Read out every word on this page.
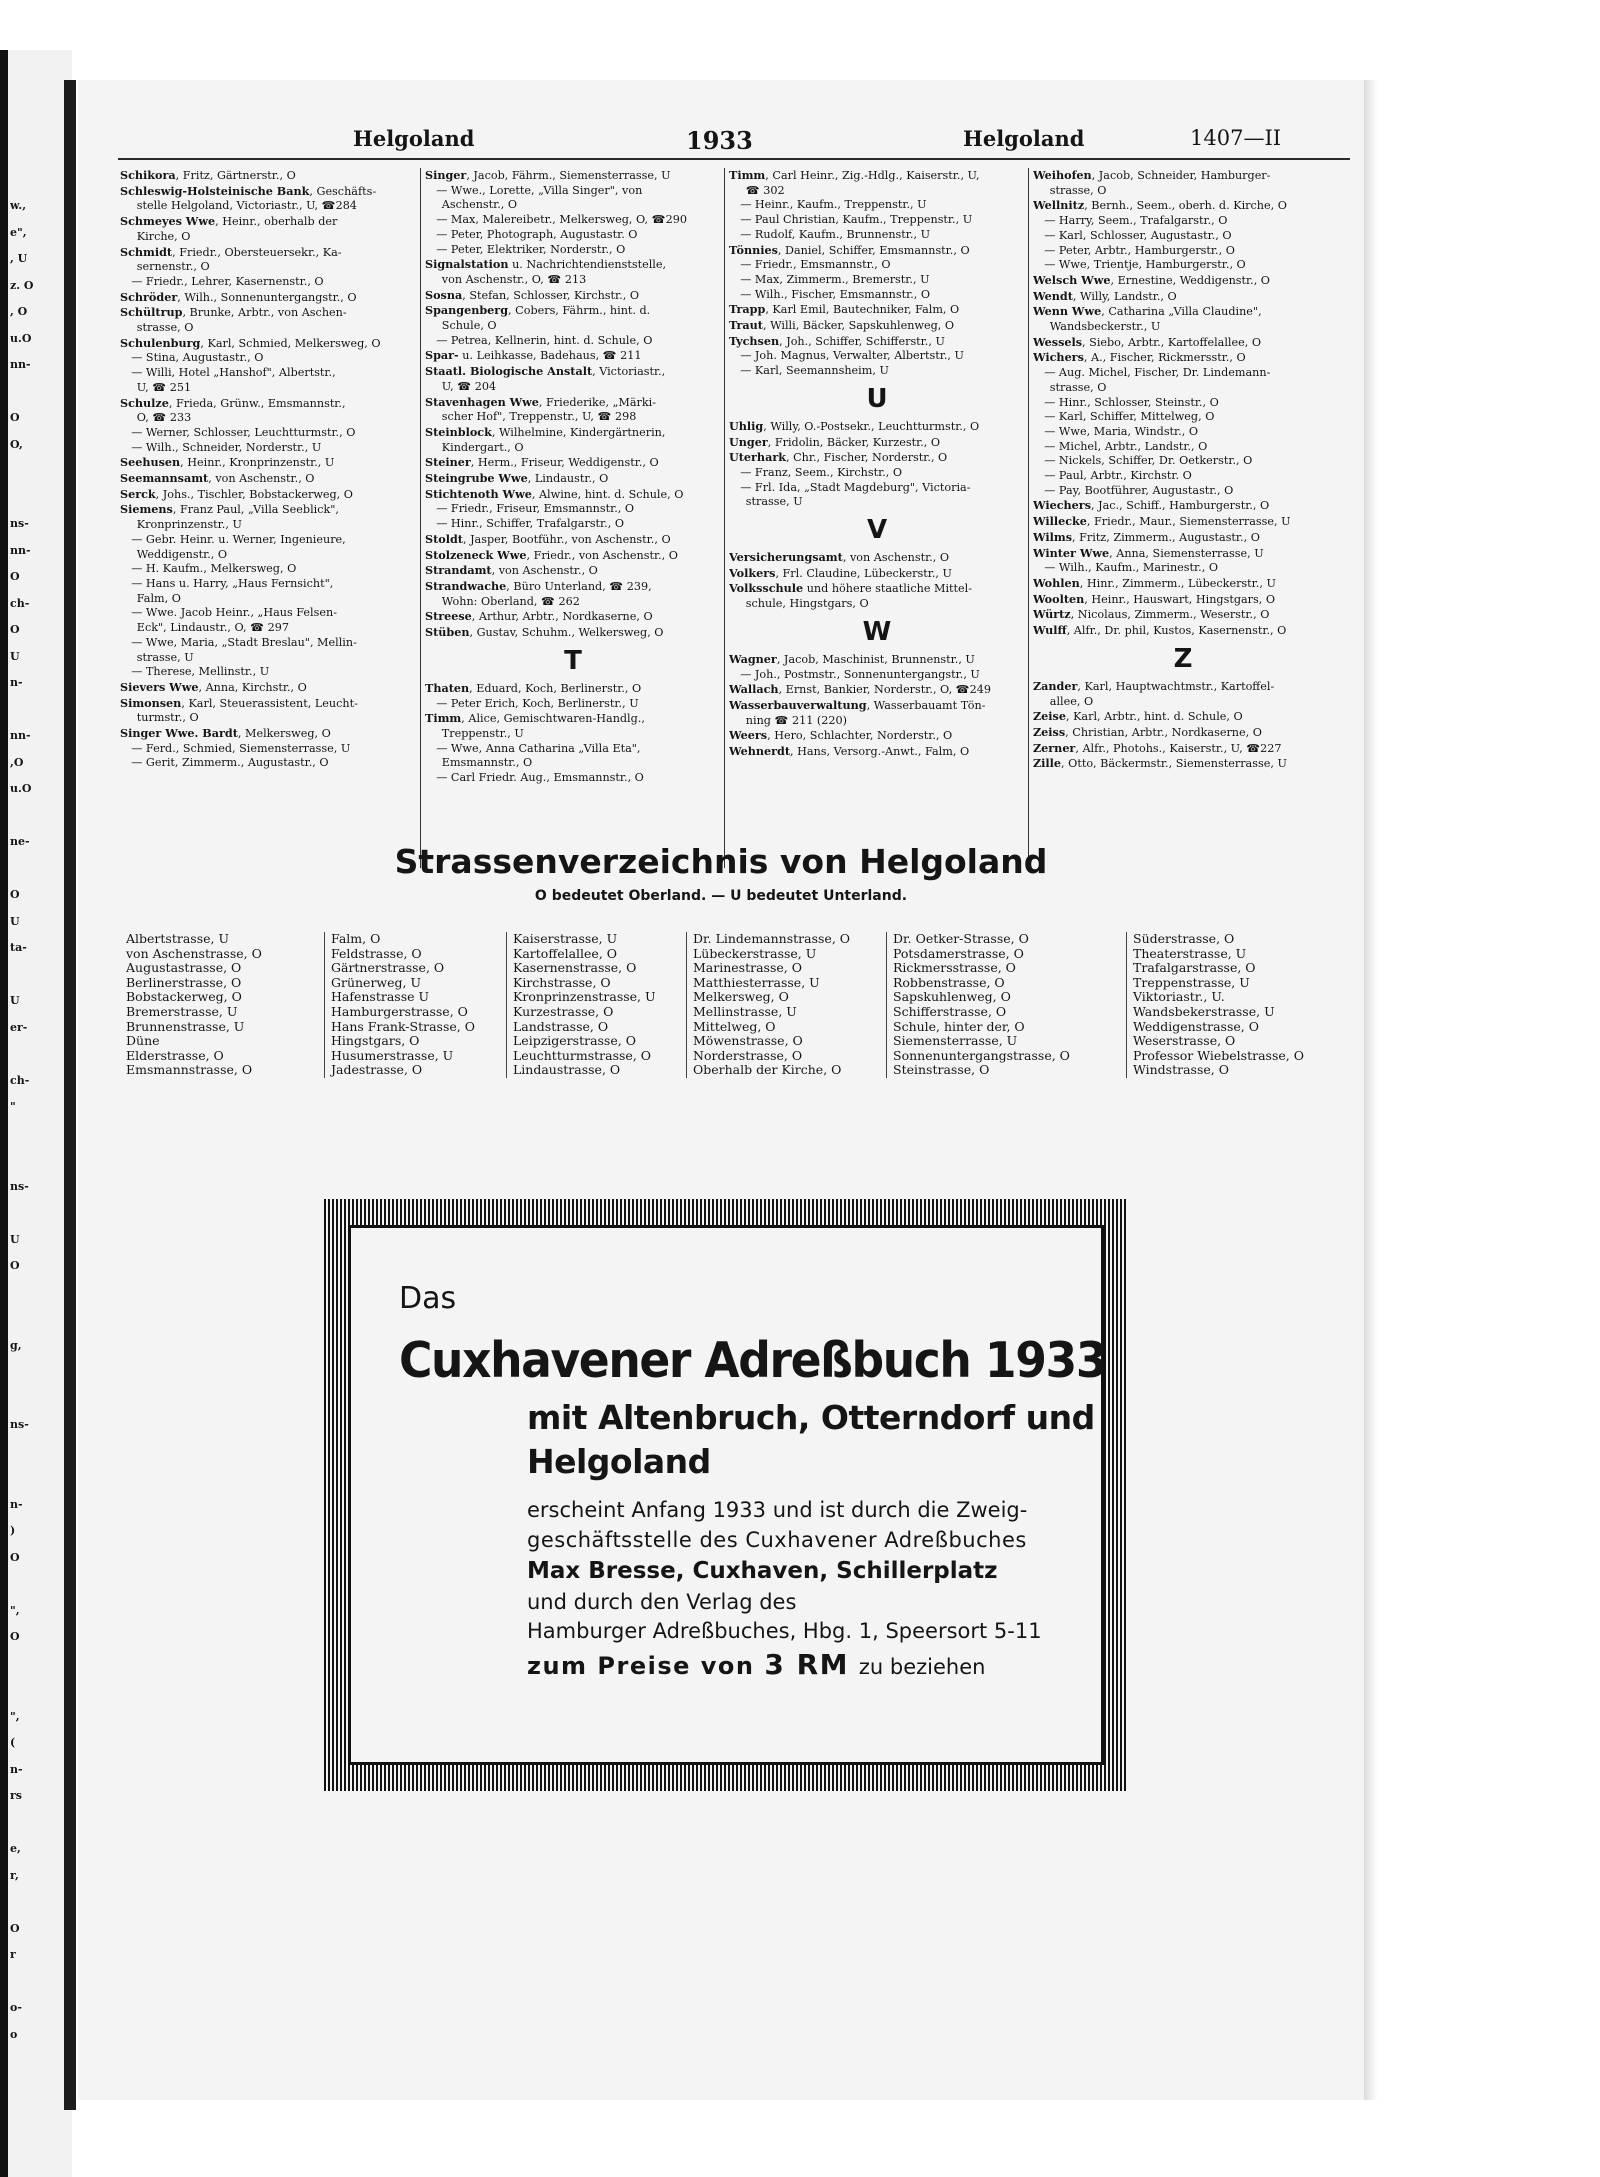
w.,
e",
, U
z. O
, O
u.O
nn-
O
O,
ns-
nn-
O
ch-
O
U
n-
nn-
,O
u.O
ne-
O
U
ta-
U
er-
ch-
"
ns-
U
O
g,
ns-
n-
)
O
",
O
",
(
n-
rs
e,
r,
O
r
o-
o
Helgoland	1933	Helgoland	1407—II
Schikora, Fritz, Gärtnerstr., O
Schleswig-Holsteinische Bank, Geschäfts-
  stelle Helgoland, Victoriastr., U, ☎284
Schmeyes Wwe, Heinr., oberhalb der
  Kirche, O
Schmidt, Friedr., Obersteuersekr., Ka-
  sernenstr., O
 — Friedr., Lehrer, Kasernenstr., O
Schröder, Wilh., Sonnenuntergangstr., O
Schültrup, Brunke, Arbtr., von Aschen-
  strasse, O
Schulenburg, Karl, Schmied, Melkersweg, O
 — Stina, Augustastr., O
 — Willi, Hotel „Hanshof", Albertstr.,
  U, ☎ 251
Schulze, Frieda, Grünw., Emsmannstr.,
  O, ☎ 233
 — Werner, Schlosser, Leuchtturmstr., O
 — Wilh., Schneider, Norderstr., U
Seehusen, Heinr., Kronprinzenstr., U
Seemannsamt, von Aschenstr., O
Serck, Johs., Tischler, Bobstackerweg, O
Siemens, Franz Paul, „Villa Seeblick",
  Kronprinzenstr., U
 — Gebr. Heinr. u. Werner, Ingenieure,
  Weddigenstr., O
 — H. Kaufm., Melkersweg, O
 — Hans u. Harry, „Haus Fernsicht",
  Falm, O
 — Wwe. Jacob Heinr., „Haus Felsen-
  Eck", Lindaustr., O, ☎ 297
 — Wwe, Maria, „Stadt Breslau", Mellin-
  strasse, U
 — Therese, Mellinstr., U
Sievers Wwe, Anna, Kirchstr., O
Simonsen, Karl, Steuerassistent, Leucht-
  turmstr., O
Singer Wwe. Bardt, Melkersweg, O
 — Ferd., Schmied, Siemensterrasse, U
 — Gerit, Zimmerm., Augustastr., O
Singer, Jacob, Fährm., Siemensterrasse, U
 — Wwe., Lorette, „Villa Singer", von
  Aschenstr., O
 — Max, Malereibetr., Melkersweg, O, ☎290
 — Peter, Photograph, Augustastr. O
 — Peter, Elektriker, Norderstr., O
Signalstation u. Nachrichtendienststelle,
  von Aschenstr., O, ☎ 213
Sosna, Stefan, Schlosser, Kirchstr., O
Spangenberg, Cobers, Fährm., hint. d.
  Schule, O
 — Petrea, Kellnerin, hint. d. Schule, O
Spar- u. Leihkasse, Badehaus, ☎ 211
Staatl. Biologische Anstalt, Victoriastr.,
  U, ☎ 204
Stavenhagen Wwe, Friederike, „Märki-
  scher Hof", Treppenstr., U, ☎ 298
Steinblock, Wilhelmine, Kindergärtnerin,
  Kindergart., O
Steiner, Herm., Friseur, Weddigenstr., O
Steingrube Wwe, Lindaustr., O
Stichtenoth Wwe, Alwine, hint. d. Schule, O
 — Friedr., Friseur, Emsmannstr., O
 — Hinr., Schiffer, Trafalgarstr., O
Stoldt, Jasper, Bootführ., von Aschenstr., O
Stolzeneck Wwe, Friedr., von Aschenstr., O
Strandamt, von Aschenstr., O
Strandwache, Büro Unterland, ☎ 239,
  Wohn: Oberland, ☎ 262
Streese, Arthur, Arbtr., Nordkaserne, O
Stüben, Gustav, Schuhm., Welkersweg, O
T
Thaten, Eduard, Koch, Berlinerstr., O
 — Peter Erich, Koch, Berlinerstr., U
Timm, Alice, Gemischtwaren-Handlg.,
  Treppenstr., U
 — Wwe, Anna Catharina „Villa Eta",
  Emsmannstr., O
 — Carl Friedr. Aug., Emsmannstr., O
Timm, Carl Heinr., Zig.-Hdlg., Kaiserstr., U,
  ☎ 302
 — Heinr., Kaufm., Treppenstr., U
 — Paul Christian, Kaufm., Treppenstr., U
 — Rudolf, Kaufm., Brunnenstr., U
Tönnies, Daniel, Schiffer, Emsmannstr., O
 — Friedr., Emsmannstr., O
 — Max, Zimmerm., Bremerstr., U
 — Wilh., Fischer, Emsmannstr., O
Trapp, Karl Emil, Bautechniker, Falm, O
Traut, Willi, Bäcker, Sapskuhlenweg, O
Tychsen, Joh., Schiffer, Schifferstr., U
 — Joh. Magnus, Verwalter, Albertstr., U
 — Karl, Seemannsheim, U
U
Uhlig, Willy, O.-Postsekr., Leuchtturmstr., O
Unger, Fridolin, Bäcker, Kurzestr., O
Uterhark, Chr., Fischer, Norderstr., O
 — Franz, Seem., Kirchstr., O
 — Frl. Ida, „Stadt Magdeburg", Victoria-
  strasse, U
V
Versicherungsamt, von Aschenstr., O
Volkers, Frl. Claudine, Lübeckerstr., U
Volksschule und höhere staatliche Mittel-
  schule, Hingstgars, O
W
Wagner, Jacob, Maschinist, Brunnenstr., U
 — Joh., Postmstr., Sonnenuntergangstr., U
Wallach, Ernst, Bankier, Norderstr., O, ☎249
Wasserbauverwaltung, Wasserbauamt Tön-
  ning ☎ 211 (220)
Weers, Hero, Schlachter, Norderstr., O
Wehnerdt, Hans, Versorg.-Anwt., Falm, O
Weihofen, Jacob, Schneider, Hamburger-
  strasse, O
Wellnitz, Bernh., Seem., oberh. d. Kirche, O
 — Harry, Seem., Trafalgarstr., O
 — Karl, Schlosser, Augustastr., O
 — Peter, Arbtr., Hamburgerstr., O
 — Wwe, Trientje, Hamburgerstr., O
Welsch Wwe, Ernestine, Weddigenstr., O
Wendt, Willy, Landstr., O
Wenn Wwe, Catharina „Villa Claudine",
  Wandsbeckerstr., U
Wessels, Siebo, Arbtr., Kartoffelallee, O
Wichers, A., Fischer, Rickmersstr., O
 — Aug. Michel, Fischer, Dr. Lindemann-
  strasse, O
 — Hinr., Schlosser, Steinstr., O
 — Karl, Schiffer, Mittelweg, O
 — Wwe, Maria, Windstr., O
 — Michel, Arbtr., Landstr., O
 — Nickels, Schiffer, Dr. Oetkerstr., O
 — Paul, Arbtr., Kirchstr. O
 — Pay, Bootführer, Augustastr., O
Wiechers, Jac., Schiff., Hamburgerstr., O
Willecke, Friedr., Maur., Siemensterrasse, U
Wilms, Fritz, Zimmerm., Augustastr., O
Winter Wwe, Anna, Siemensterrasse, U
 — Wilh., Kaufm., Marinestr., O
Wohlen, Hinr., Zimmerm., Lübeckerstr., U
Woolten, Heinr., Hauswart, Hingstgars, O
Würtz, Nicolaus, Zimmerm., Weserstr., O
Wulff, Alfr., Dr. phil, Kustos, Kasernenstr., O
Z
Zander, Karl, Hauptwachtmstr., Kartoffel-
  allee, O
Zeise, Karl, Arbtr., hint. d. Schule, O
Zeiss, Christian, Arbtr., Nordkaserne, O
Zerner, Alfr., Photohs., Kaiserstr., U, ☎227
Zille, Otto, Bäckermstr., Siemensterrasse, U
Strassenverzeichnis von Helgoland
O bedeutet Oberland. — U bedeutet Unterland.
Albertstrasse, U
von Aschenstrasse, O
Augustastrasse, O
Berlinerstrasse, O
Bobstackerweg, O
Bremerstrasse, U
Brunnenstrasse, U
Düne
Elderstrasse, O
Emsmannstrasse, O
Falm, O
Feldstrasse, O
Gärtnerstrasse, O
Grünerweg, U
Hafenstrasse U
Hamburgerstrasse, O
Hans Frank-Strasse, O
Hingstgars, O
Husumerstrasse, U
Jadestrasse, O
Kaiserstrasse, U
Kartoffelallee, O
Kasernenstrasse, O
Kirchstrasse, O
Kronprinzenstrasse, U
Kurzestrasse, O
Landstrasse, O
Leipzigerstrasse, O
Leuchtturmstrasse, O
Lindaustrasse, O
Dr. Lindemannstrasse, O
Lübeckerstrasse, U
Marinestrasse, O
Matthiesterrasse, U
Melkersweg, O
Mellinstrasse, U
Mittelweg, O
Möwenstrasse, O
Norderstrasse, O
Oberhalb der Kirche, O
Dr. Oetker-Strasse, O
Potsdamerstrasse, O
Rickmersstrasse, O
Robbenstrasse, O
Sapskuhlenweg, O
Schifferstrasse, O
Schule, hinter der, O
Siemensterrasse, U
Sonnenuntergangstrasse, O
Steinstrasse, O
Süderstrasse, O
Theaterstrasse, U
Trafalgarstrasse, O
Treppenstrasse, U
Viktoriastr., U.
Wandsbekerstrasse, U
Weddigenstrasse, O
Weserstrasse, O
Professor Wiebelstrasse, O
Windstrasse, O
Das
Cuxhavener Adreßbuch 1933
mit Altenbruch, Otterndorf und
Helgoland
erscheint Anfang 1933 und ist durch die Zweig-
geschäftsstelle des Cuxhavener Adreßbuches
Max Bresse, Cuxhaven, Schillerplatz
und durch den Verlag des
Hamburger Adreßbuches, Hbg. 1, Speersort 5-11
zum Preise von 3 RM zu beziehen
